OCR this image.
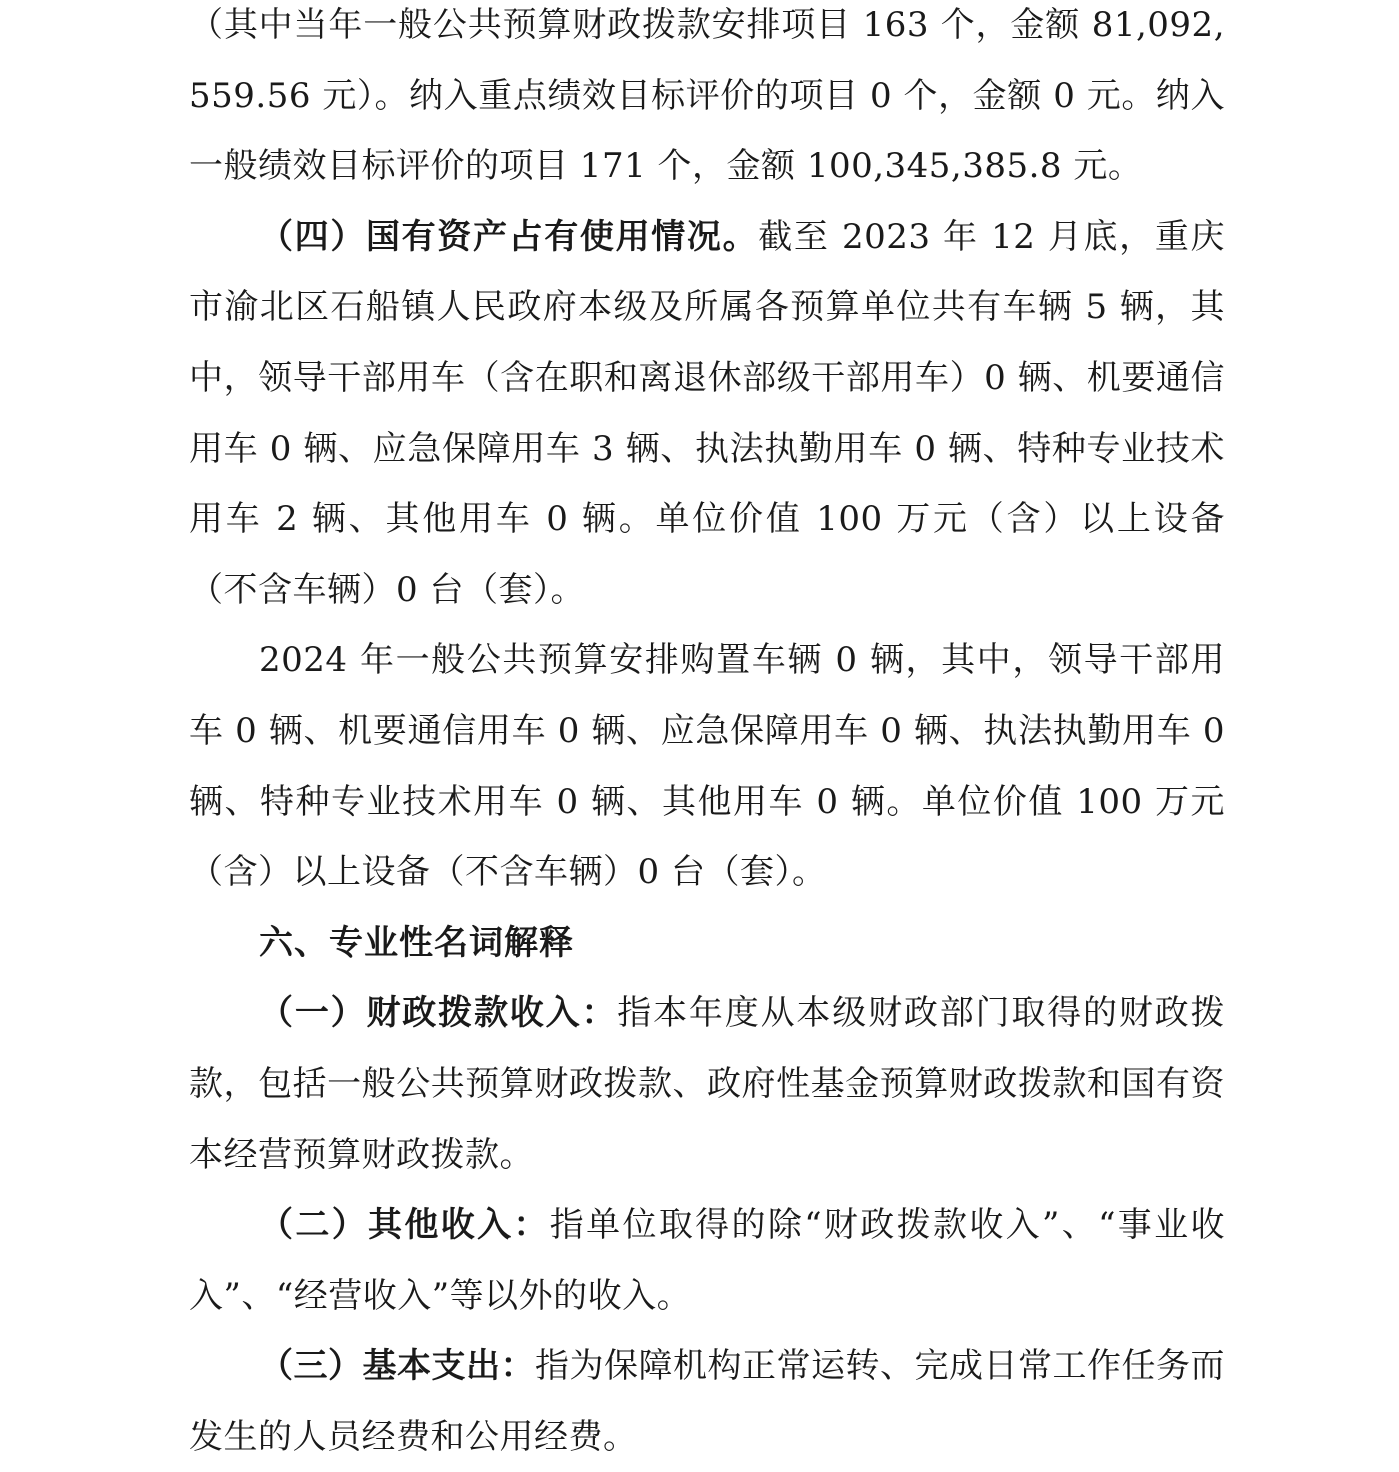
（其中当年一般公共预算财政拨款安排项目 163 个，金额 81,092,559.56 元）。纳入重点绩效目标评价的项目 0 个，金额 0 元。纳入一般绩效目标评价的项目 171 个，金额 100,345,385.8 元。

（四）国有资产占有使用情况。截至 2023 年 12 月底，重庆市渝北区石船镇人民政府本级及所属各预算单位共有车辆 5 辆，其中，领导干部用车（含在职和离退休部级干部用车）0 辆、机要通信用车 0 辆、应急保障用车 3 辆、执法执勤用车 0 辆、特种专业技术用车 2 辆、其他用车 0 辆。单位价值 100 万元（含）以上设备（不含车辆）0 台（套）。

2024 年一般公共预算安排购置车辆 0 辆，其中，领导干部用车 0 辆、机要通信用车 0 辆、应急保障用车 0 辆、执法执勤用车 0 辆、特种专业技术用车 0 辆、其他用车 0 辆。单位价值 100 万元（含）以上设备（不含车辆）0 台（套）。

六、专业性名词解释

（一）财政拨款收入：指本年度从本级财政部门取得的财政拨款，包括一般公共预算财政拨款、政府性基金预算财政拨款和国有资本经营预算财政拨款。

（二）其他收入：指单位取得的除“财政拨款收入”、“事业收入”、“经营收入”等以外的收入。

（三）基本支出：指为保障机构正常运转、完成日常工作任务而发生的人员经费和公用经费。
